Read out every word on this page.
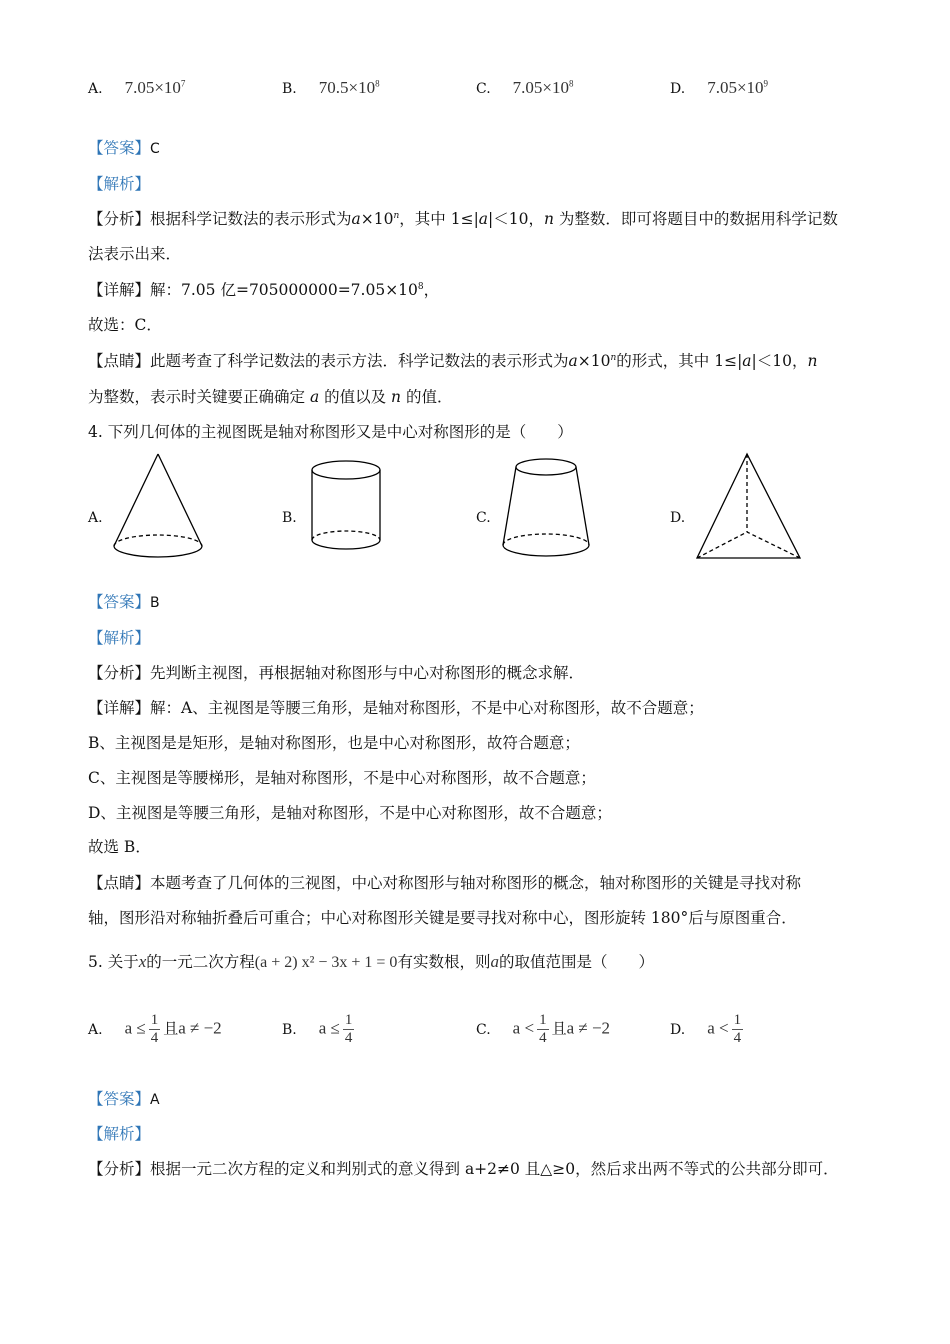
A. $7.05\times 10^7$	B. $70.5\times 10^8$	C. $7.05\times 10^8$	D. $7.05\times 10^9$
【答案】C
【解析】
【分析】根据科学记数法的表示形式为$a\times 10^n$，其中 1≤|a|＜10，n 为整数．即可将题目中的数据用科学记数
法表示出来．
【详解】解：7.05 亿$=705000000=7.05\times 10^8$，
故选：C．
【点睛】此题考查了科学记数法的表示方法．科学记数法的表示形式为$a\times 10^n$的形式，其中 1≤|a|＜10，n
为整数，表示时关键要正确确定 a 的值以及 n 的值．
4. 下列几何体的主视图既是轴对称图形又是中心对称图形的是（　　）
A.	B.	C.	D.
【答案】B
【解析】
【分析】先判断主视图，再根据轴对称图形与中心对称图形的概念求解．
【详解】解：A、主视图是等腰三角形，是轴对称图形，不是中心对称图形，故不合题意；
B、主视图是是矩形，是轴对称图形，也是中心对称图形，故符合题意；
C、主视图是等腰梯形，是轴对称图形，不是中心对称图形，故不合题意；
D、主视图是等腰三角形，是轴对称图形，不是中心对称图形，故不合题意；
故选 B．
【点睛】本题考查了几何体的三视图，中心对称图形与轴对称图形的概念，轴对称图形的关键是寻找对称
轴，图形沿对称轴折叠后可重合；中心对称图形关键是要寻找对称中心，图形旋转 180°后与原图重合．
5. 关于x的一元二次方程(a + 2) x² − 3x + 1 = 0有实数根，则a的取值范围是（　　）
A. $a \le \frac{1}{4}$ 且a ≠ −2	B. $a \le \frac{1}{4}$	C. $a < \frac{1}{4}$ 且a ≠ −2	D. $a < \frac{1}{4}$
【答案】A
【解析】
【分析】根据一元二次方程的定义和判别式的意义得到 a+2≠0 且△≥0，然后求出两不等式的公共部分即可．
